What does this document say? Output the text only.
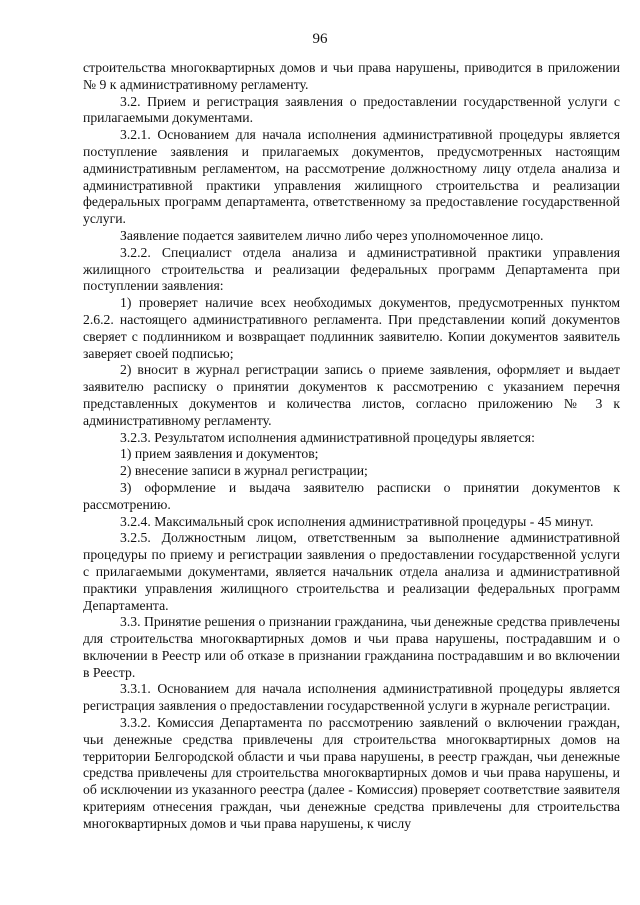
96

строительства многоквартирных домов и чьи права нарушены, приводится в приложении № 9 к административному регламенту.

3.2. Прием и регистрация заявления о предоставлении государственной услуги с прилагаемыми документами.

3.2.1. Основанием для начала исполнения административной процедуры является поступление заявления и прилагаемых документов, предусмотренных настоящим административным регламентом, на рассмотрение должностному лицу отдела анализа и административной практики управления жилищного строительства и реализации федеральных программ департамента, ответственному за предоставление государственной услуги.

Заявление подается заявителем лично либо через уполномоченное лицо.

3.2.2. Специалист отдела анализа и административной практики управления жилищного строительства и реализации федеральных программ Департамента при поступлении заявления:

1) проверяет наличие всех необходимых документов, предусмотренных пунктом 2.6.2. настоящего административного регламента. При представлении копий документов сверяет с подлинником и возвращает подлинник заявителю. Копии документов заявитель заверяет своей подписью;

2) вносит в журнал регистрации запись о приеме заявления, оформляет и выдает заявителю расписку о принятии документов к рассмотрению с указанием перечня представленных документов и количества листов, согласно приложению № 3 к административному регламенту.

3.2.3. Результатом исполнения административной процедуры является:

1) прием заявления и документов;

2) внесение записи в журнал регистрации;

3) оформление и выдача заявителю расписки о принятии документов к рассмотрению.

3.2.4. Максимальный срок исполнения административной процедуры - 45 минут.

3.2.5. Должностным лицом, ответственным за выполнение административной процедуры по приему и регистрации заявления о предоставлении государственной услуги с прилагаемыми документами, является начальник отдела анализа и административной практики управления жилищного строительства и реализации федеральных программ Департамента.

3.3. Принятие решения о признании гражданина, чьи денежные средства привлечены для строительства многоквартирных домов и чьи права нарушены, пострадавшим и о включении в Реестр или об отказе в признании гражданина пострадавшим и во включении в Реестр.

3.3.1. Основанием для начала исполнения административной процедуры является регистрация заявления о предоставлении государственной услуги в журнале регистрации.

3.3.2. Комиссия Департамента по рассмотрению заявлений о включении граждан, чьи денежные средства привлечены для строительства многоквартирных домов на территории Белгородской области и чьи права нарушены, в реестр граждан, чьи денежные средства привлечены для строительства многоквартирных домов и чьи права нарушены, и об исключении из указанного реестра (далее - Комиссия) проверяет соответствие заявителя критериям отнесения граждан, чьи денежные средства привлечены для строительства многоквартирных домов и чьи права нарушены, к числу
